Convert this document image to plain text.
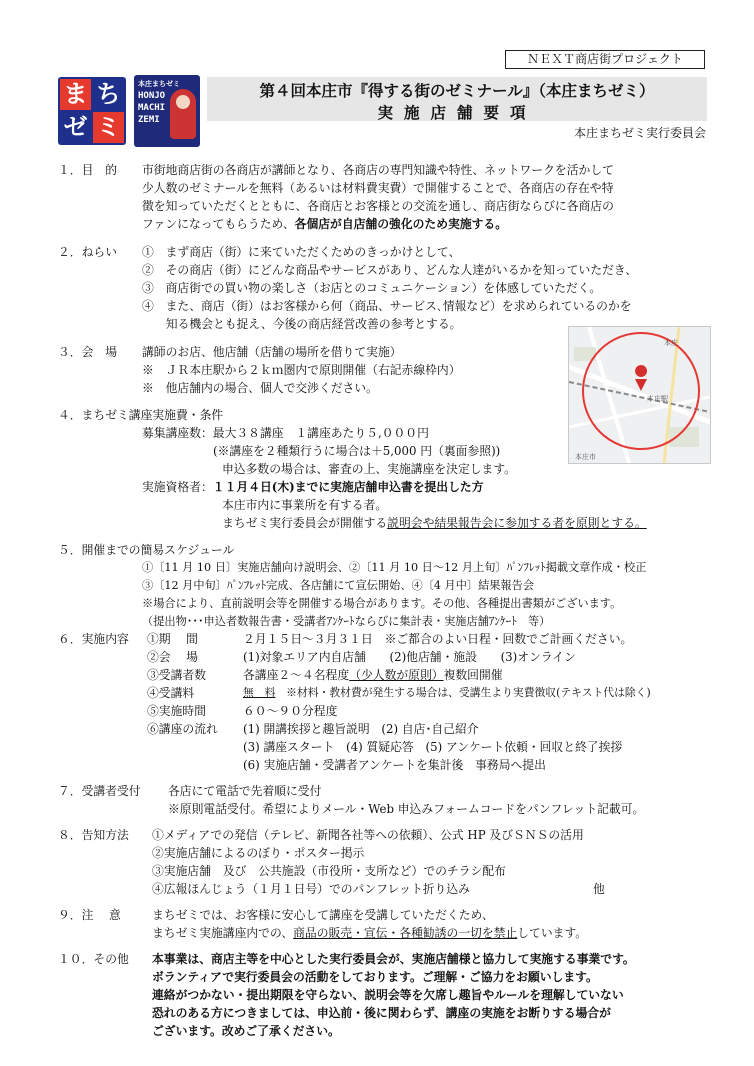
ＮＥＸＴ商店街プロジェクト
ま ち
ゼ ミ
本庄まちゼミ
HONJO
MACHI
ZEMI
第４回本庄市『得する街のゼミナール』（本庄まちゼミ）
実施店舗要項
本庄まちゼミ実行委員会
１．目　的 市街地商店街の各商店が講師となり、各商店の専門知識や特性、ネットワークを活かして
少人数のゼミナールを無料（あるいは材料費実費）で開催することで、各商店の存在や特
徴を知っていただくとともに、各商店とお客様との交流を通し、商店街ならびに各商店の
ファンになってもらうため、各個店が自店舗の強化のため実施する。
２．ねらい ①　まず商店（街）に来ていただくためのきっかけとして、
②　その商店（街）にどんな商品やサービスがあり、どんな人達がいるかを知っていただき、
③　商店街での買い物の楽しさ（お店とのコミュニケーション）を体感していただく。
④　また、商店（街）はお客様から何（商品、サービス､情報など）を求められているのかを
　知る機会とも捉え、今後の商店経営改善の参考とする。
３．会　場 講師のお店、他店舗（店舗の場所を借りて実施）
※　ＪＲ本庄駅から２ｋｍ圏内で原則開催（右記赤線枠内）
※　他店舗内の場合、個人で交渉ください。
本庄
本庄駅
本庄市
４．まちゼミ講座実施費・条件
募集講座数：最大３８講座　１講座あたり５,０００円
(※講座を２種類行うに場合は＋5,000 円（裏面参照))
申込多数の場合は、審査の上、実施講座を決定します。
実施資格者：１１月４日(木)までに実施店舗申込書を提出した方
本庄市内に事業所を有する者。
まちゼミ実行委員会が開催する説明会や結果報告会に参加する者を原則とする。
５．開催までの簡易スケジュール
①〔11 月 10 日〕実施店舗向け説明会、②〔11 月 10 日～12 月上旬〕ﾊﾟﾝﾌﾚｯﾄ掲載文章作成・校正
③〔12 月中旬〕ﾊﾟﾝﾌﾚｯﾄ完成、各店舗にて宣伝開始、④〔4 月中〕結果報告会
※場合により、直前説明会等を開催する場合があります。その他、各種提出書類がございます。
（提出物･･･申込者数報告書・受講者ｱﾝｹｰﾄならびに集計表・実施店舗ｱﾝｹｰﾄ　等）
６．実施内容 ①期　 間	２月１５日～３月３１日　※ご都合のよい日程・回数でご計画ください。
②会　 場	(1)対象エリア内自店舗　　(2)他店舗・施設　　(3)オンライン
③受講者数	各講座２～４名程度（少人数が原則）複数回開催
④受講料	無　料　※材料・教材費が発生する場合は、受講生より実費徴収(テキスト代は除く)
⑤実施時間	６０～９０分程度
⑥講座の流れ (1) 開講挨拶と趣旨説明　(2) 自店･自己紹介
(3) 講座スタート　(4) 質疑応答　(5) アンケート依頼・回収と終了挨拶
(6) 実施店舗・受講者アンケートを集計後　事務局へ提出
７．受講者受付 各店にて電話で先着順に受付
※原則電話受付。希望によりメール・Web 申込みフォームコードをパンフレット記載可。
８．告知方法 ①メディアでの発信（テレビ、新聞各社等への依頼）、公式 HP 及びＳＮＳの活用
②実施店舗によるのぼり・ポスター掲示
③実施店舗　及び　公共施設（市役所・支所など）でのチラシ配布
④広報ほんじょう（１月１日号）でのパンフレット折り込み	他
９．注　 意	まちゼミでは、お客様に安心して講座を受講していただくため、
まちゼミ実施講座内での、商品の販売・宣伝・各種勧誘の一切を禁止しています。
１０．その他 本事業は、商店主等を中心とした実行委員会が、実施店舗様と協力して実施する事業です。
ボランティアで実行委員会の活動をしております。ご理解・ご協力をお願いします。
連絡がつかない・提出期限を守らない、説明会等を欠席し趣旨やルールを理解していない
恐れのある方につきましては、申込前・後に関わらず、講座の実施をお断りする場合が
ございます。改めご了承ください。
